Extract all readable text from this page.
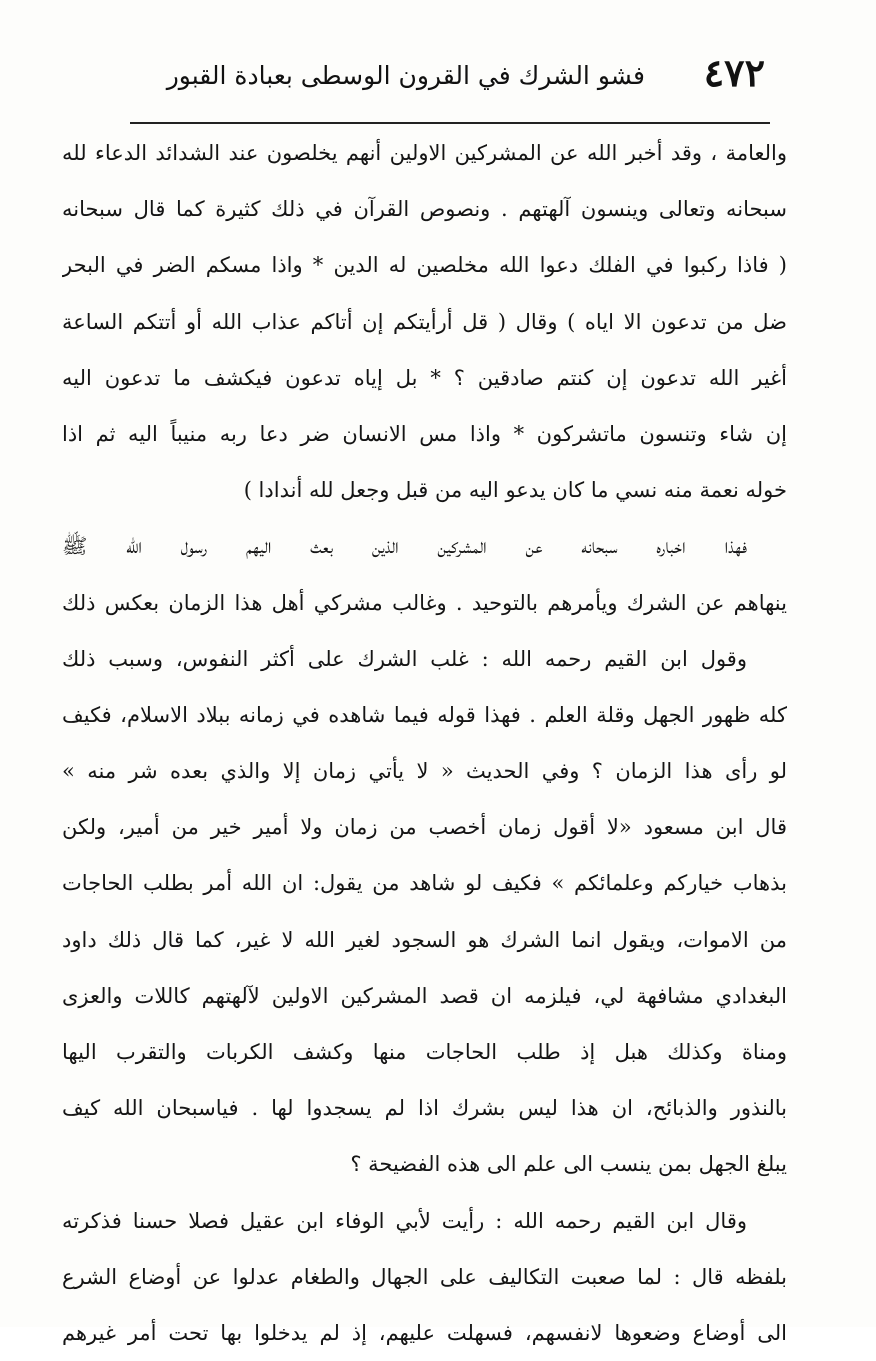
٤٧٢
فشو الشرك في القرون الوسطى بعبادة القبور
والعامة ، وقد أخبر الله عن المشركين الاولين أنهم يخلصون عند الشدائد الدعاء لله
سبحانه وتعالى وينسون آلهتهم . ونصوص القرآن في ذلك كثيرة كما قال سبحانه
( فاذا ركبوا في الفلك دعوا الله مخلصين له الدين * واذا مسكم الضر في البحر
ضل من تدعون الا اياه ) وقال ( قل أرأيتكم إن أتاكم عذاب الله أو أتتكم الساعة
أغير الله تدعون إن كنتم صادقين ؟ * بل إياه تدعون فيكشف ما تدعون اليه
إن شاء وتنسون ماتشركون * واذا مس الانسان ضر دعا ربه منيباً اليه ثم اذا
خوله نعمة منه نسي ما كان يدعو اليه من قبل وجعل لله أندادا )
فهذا اخباره سبحانه عن المشركين الذين بعث اليهم رسول الله ﷺ
ينهاهم عن الشرك ويأمرهم بالتوحيد . وغالب مشركي أهل هذا الزمان بعكس ذلك
وقول ابن القيم رحمه الله : غلب الشرك على أكثر النفوس، وسبب ذلك
كله ظهور الجهل وقلة العلم . فهذا قوله فيما شاهده في زمانه ببلاد الاسلام، فكيف
لو رأى هذا الزمان ؟ وفي الحديث « لا يأتي زمان إلا والذي بعده شر منه »
قال ابن مسعود «لا أقول زمان أخصب من زمان ولا أمير خير من أمير، ولكن
بذهاب خياركم وعلمائكم » فكيف لو شاهد من يقول: ان الله أمر بطلب الحاجات
من الاموات، ويقول انما الشرك هو السجود لغير الله لا غير، كما قال ذلك داود
البغدادي مشافهة لي، فيلزمه ان قصد المشركين الاولين لآلهتهم كاللات والعزى
ومناة وكذلك هبل إذ طلب الحاجات منها وكشف الكربات والتقرب اليها
بالنذور والذبائح، ان هذا ليس بشرك اذا لم يسجدوا لها . فياسبحان الله كيف
يبلغ الجهل بمن ينسب الى علم الى هذه الفضيحة ؟
وقال ابن القيم رحمه الله : رأيت لأبي الوفاء ابن عقيل فصلا حسنا فذكرته
بلفظه قال : لما صعبت التكاليف على الجهال والطغام عدلوا عن أوضاع الشرع
الى أوضاع وضعوها لانفسهم، فسهلت عليهم، إذ لم يدخلوا بها تحت أمر غيرهم
